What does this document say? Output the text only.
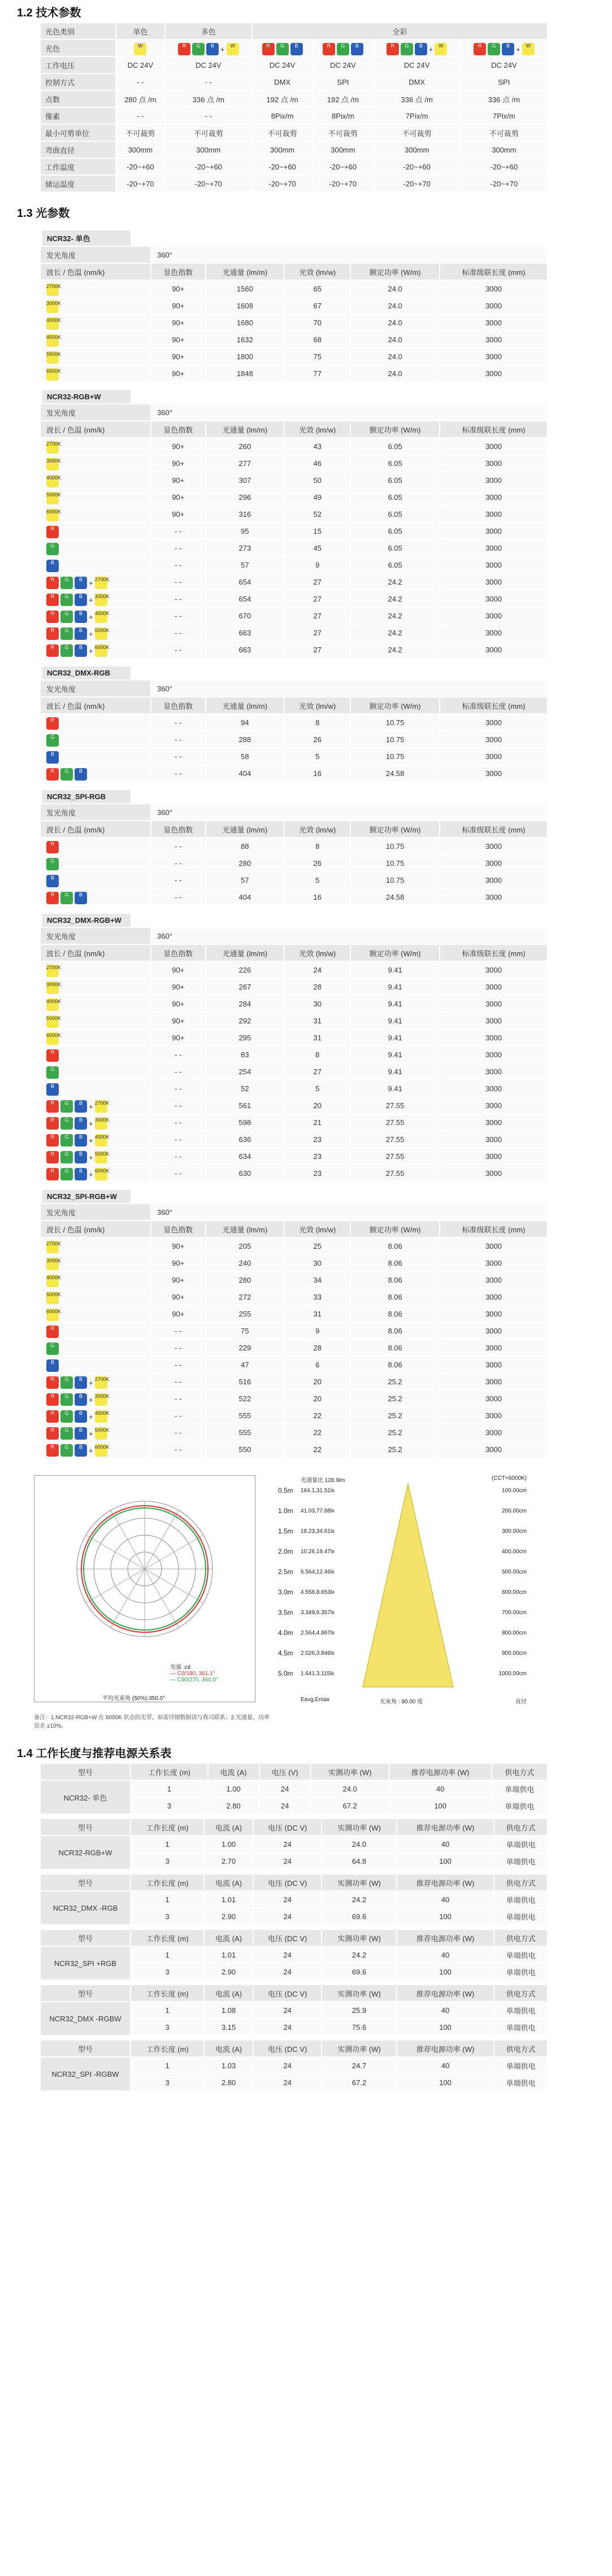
1.2 技术参数
光色类别	单色	多色	全彩			
光色	W	R G B + W	R G B	R G B	R G B + W	R G B + W

工作电压	DC 24V	DC 24V	DC 24V	DC 24V	DC 24V	DC 24V
控制方式	- -	- -	DMX	SPI	DMX	SPI
点数	280 点 /m	336 点 /m	192 点 /m	192 点 /m	336 点 /m	336 点 /m
像素	- -	- -	8Pix/m	8Pix/m	7Pix/m	7Pix/m
最小可剪单位	不可裁剪	不可裁剪	不可裁剪	不可裁剪	不可裁剪	不可裁剪
弯曲直径	300mm	300mm	300mm	300mm	300mm	300mm
工作温度	-20~+60	-20~+60	-20~+60	-20~+60	-20~+60	-20~+60
储运温度	-20~+70	-20~+70	-20~+70	-20~+70	-20~+70	-20~+70
1.3 光参数
NCR32- 单色
发光角度	360°				
波长 / 色温 (nm/k)	显色指数	光通量 (lm/m)	光效 (lm/w)	额定功率 (W/m)	标准级联长度 (mm)

2700K	90+	1560	65	24.0	3000

3000K	90+	1608	67	24.0	3000

4000K	90+	1680	70	24.0	3000

4500K	90+	1632	68	24.0	3000

5500K	90+	1800	75	24.0	3000

6500K	90+	1848	77	24.0	3000
NCR32-RGB+W
发光角度	360°				
波长 / 色温 (nm/k)	显色指数	光通量 (lm/m)	光效 (lm/w)	额定功率 (W/m)	标准级联长度 (mm)

2700K	90+	260	43	6.05	3000

3000K	90+	277	46	6.05	3000

4000K	90+	307	50	6.05	3000

5000K	90+	296	49	6.05	3000

6000K	90+	316	52	6.05	3000

R	- -	95	15	6.05	3000

G	- -	273	45	6.05	3000

B	- -	57	9	6.05	3000

R G B + 2700K	- -	654	27	24.2	3000

R G B + 3000K	- -	654	27	24.2	3000

R G B + 4000K	- -	670	27	24.2	3000

R G B + 5000K	- -	663	27	24.2	3000

R G B + 6000K	- -	663	27	24.2	3000
NCR32_DMX-RGB
发光角度	360°				
波长 / 色温 (nm/k)	显色指数	光通量 (lm/m)	光效 (lm/w)	额定功率 (W/m)	标准级联长度 (mm)

R	- -	94	8	10.75	3000

G	- -	288	26	10.75	3000

B	- -	58	5	10.75	3000

R G B	- -	404	16	24.58	3000
NCR32_SPI-RGB
发光角度	360°				
波长 / 色温 (nm/k)	显色指数	光通量 (lm/m)	光效 (lm/w)	额定功率 (W/m)	标准级联长度 (mm)

R	- -	88	8	10.75	3000

G	- -	280	26	10.75	3000

B	- -	57	5	10.75	3000

R G B	- -	404	16	24.58	3000
NCR32_DMX-RGB+W
发光角度	360°				
波长 / 色温 (nm/k)	显色指数	光通量 (lm/m)	光效 (lm/w)	额定功率 (W/m)	标准级联长度 (mm)

2700K	90+	226	24	9.41	3000

3000K	90+	267	28	9.41	3000

4000K	90+	284	30	9.41	3000

5000K	90+	292	31	9.41	3000

6000K	90+	295	31	9.41	3000

R	- -	83	8	9.41	3000

G	- -	254	27	9.41	3000

B	- -	52	5	9.41	3000

R G B + 2700K	- -	561	20	27.55	3000

R G B + 3000K	- -	598	21	27.55	3000

R G B + 4000K	- -	636	23	27.55	3000

R G B + 5000K	- -	634	23	27.55	3000

R G B + 6000K	- -	630	23	27.55	3000
NCR32_SPI-RGB+W
发光角度	360°				
波长 / 色温 (nm/k)	显色指数	光通量 (lm/m)	光效 (lm/w)	额定功率 (W/m)	标准级联长度 (mm)

2700K	90+	205	25	8.06	3000

3000K	90+	240	30	8.06	3000

4000K	90+	280	34	8.06	3000

5000K	90+	272	33	8.06	3000

6000K	90+	255	31	8.06	3000

R	- -	75	9	8.06	3000

G	- -	229	28	8.06	3000

B	- -	47	6	8.06	3000

R G B + 2700K	- -	516	20	25.2	3000

R G B + 3000K	- -	522	20	25.2	3000

R G B + 4000K	- -	555	22	25.2	3000

R G B + 5000K	- -	555	22	25.2	3000

R G B + 6000K	- -	550	22	25.2	3000
光强 :cd
— C0/180, 361.1°
— C90/270, 360.0°
平均光束角 (50%):350.0°
光通量比 128.9lm	(CCT=6000K)
0.5m 164.1,31.51lx	100.00cm
1.0m 41.03,77.88lx	200.00cm
1.5m 18.23,34.61lx	300.00cm
2.0m 10.26,19.47lx	400.00cm
2.5m 6.564,12.46lx	500.00cm
3.0m 4.558,8.653lx	600.00cm
3.5m 3.349,6.357lx	700.00cm
4.0m 2.564,4.867lx	800.00cm
4.5m 2.026,3.846lx	900.00cm
5.0m 1.641,3.115lx	1000.00cm
Eavg,Emax	光束角 : 90.00 度	直径
备注：1.NCR32-RGB+W 在 6000K 状态的光带，如需详细数据请与我司联系；2.光通量、功率误差 ±10%。
1.4 工作长度与推荐电源关系表
型号	工作长度 (m)	电流 (A)	电压 (V)	实测功率 (W)	推荐电源功率 (W)	供电方式
NCR32- 单色	1	1.00	24	24.0	40	单端供电
	3	2.80	24	67.2	100	单端供电
型号	工作长度 (m)	电流 (A)	电压 (DC V)	实测功率 (W)	推荐电源功率 (W)	供电方式
NCR32-RGB+W	1	1.00	24	24.0	40	单端供电
	3	2.70	24	64.8	100	单端供电
型号	工作长度 (m)	电流 (A)	电压 (DC V)	实测功率 (W)	推荐电源功率 (W)	供电方式
NCR32_DMX -RGB	1	1.01	24	24.2	40	单端供电
	3	2.90	24	69.6	100	单端供电
型号	工作长度 (m)	电流 (A)	电压 (DC V)	实测功率 (W)	推荐电源功率 (W)	供电方式
NCR32_SPI +RGB	1	1.01	24	24.2	40	单端供电
	3	2.90	24	69.6	100	单端供电
型号	工作长度 (m)	电流 (A)	电压 (DC V)	实测功率 (W)	推荐电源功率 (W)	供电方式
NCR32_DMX -RGBW	1	1.08	24	25.9	40	单端供电
	3	3.15	24	75.6	100	单端供电
型号	工作长度 (m)	电流 (A)	电压 (DC V)	实测功率 (W)	推荐电源功率 (W)	供电方式
NCR32_SPI -RGBW	1	1.03	24	24.7	40	单端供电
	3	2.80	24	67.2	100	单端供电
